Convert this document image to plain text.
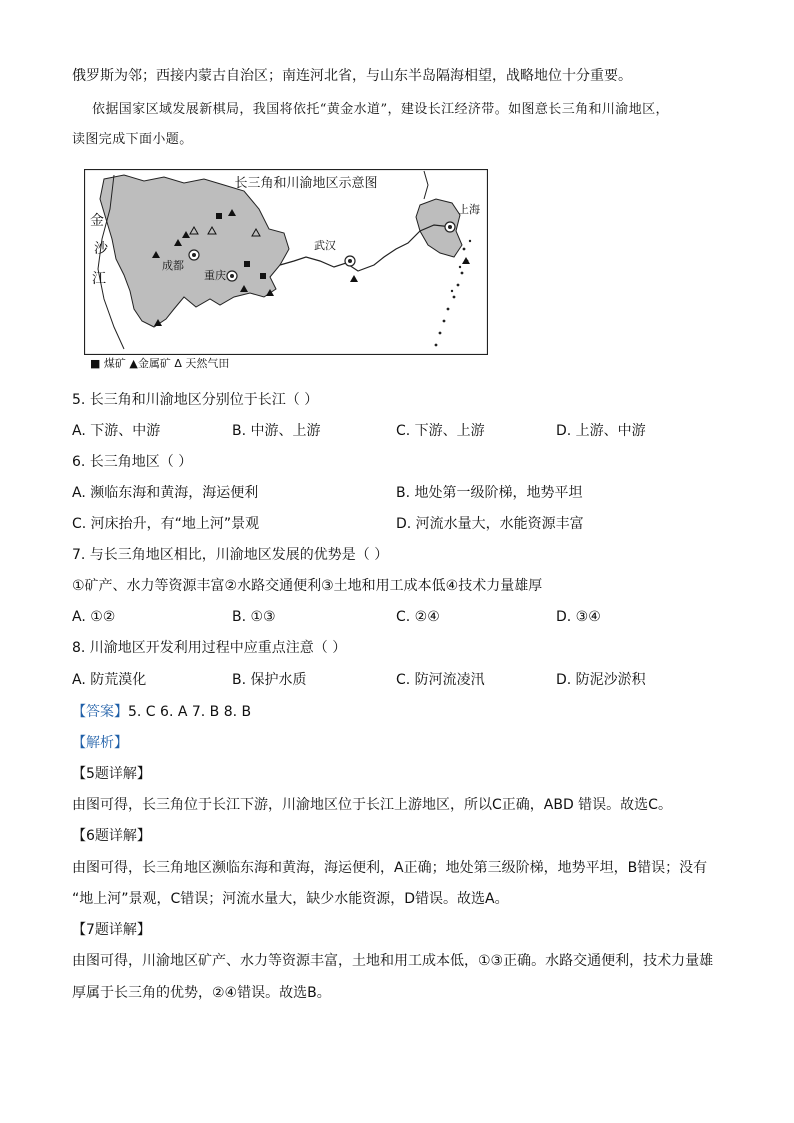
俄罗斯为邻；西接内蒙古自治区；南连河北省，与山东半岛隔海相望，战略地位十分重要。
依据国家区域发展新棋局，我国将依托“黄金水道”，建设长江经济带。如图意长三角和川渝地区，
读图完成下面小题。
长三角和川渝地区示意图
金
沙
江
成都
重庆
武汉
上海
■ 煤矿 ▲金属矿 Δ 天然气田
5. 长三角和川渝地区分别位于长江（ ）
A. 下游、中游	B. 中游、上游	C. 下游、上游	D. 上游、中游
6. 长三角地区（ ）
A. 濒临东海和黄海，海运便利	B. 地处第一级阶梯，地势平坦
C. 河床抬升，有“地上河”景观	D. 河流水量大，水能资源丰富
7. 与长三角地区相比，川渝地区发展的优势是（ ）
①矿产、水力等资源丰富②水路交通便利③土地和用工成本低④技术力量雄厚
A. ①②	B. ①③	C. ②④	D. ③④
8. 川渝地区开发利用过程中应重点注意（ ）
A. 防荒漠化	B. 保护水质	C. 防河流凌汛	D. 防泥沙淤积
【答案】5. C 6. A 7. B 8. B
【解析】
【5题详解】
由图可得，长三角位于长江下游，川渝地区位于长江上游地区，所以C正确，ABD 错误。故选C。
【6题详解】
由图可得，长三角地区濒临东海和黄海，海运便利，A正确；地处第三级阶梯，地势平坦，B错误；没有
“地上河”景观，C错误；河流水量大，缺少水能资源，D错误。故选A。
【7题详解】
由图可得，川渝地区矿产、水力等资源丰富，土地和用工成本低，①③正确。水路交通便利，技术力量雄
厚属于长三角的优势，②④错误。故选B。
